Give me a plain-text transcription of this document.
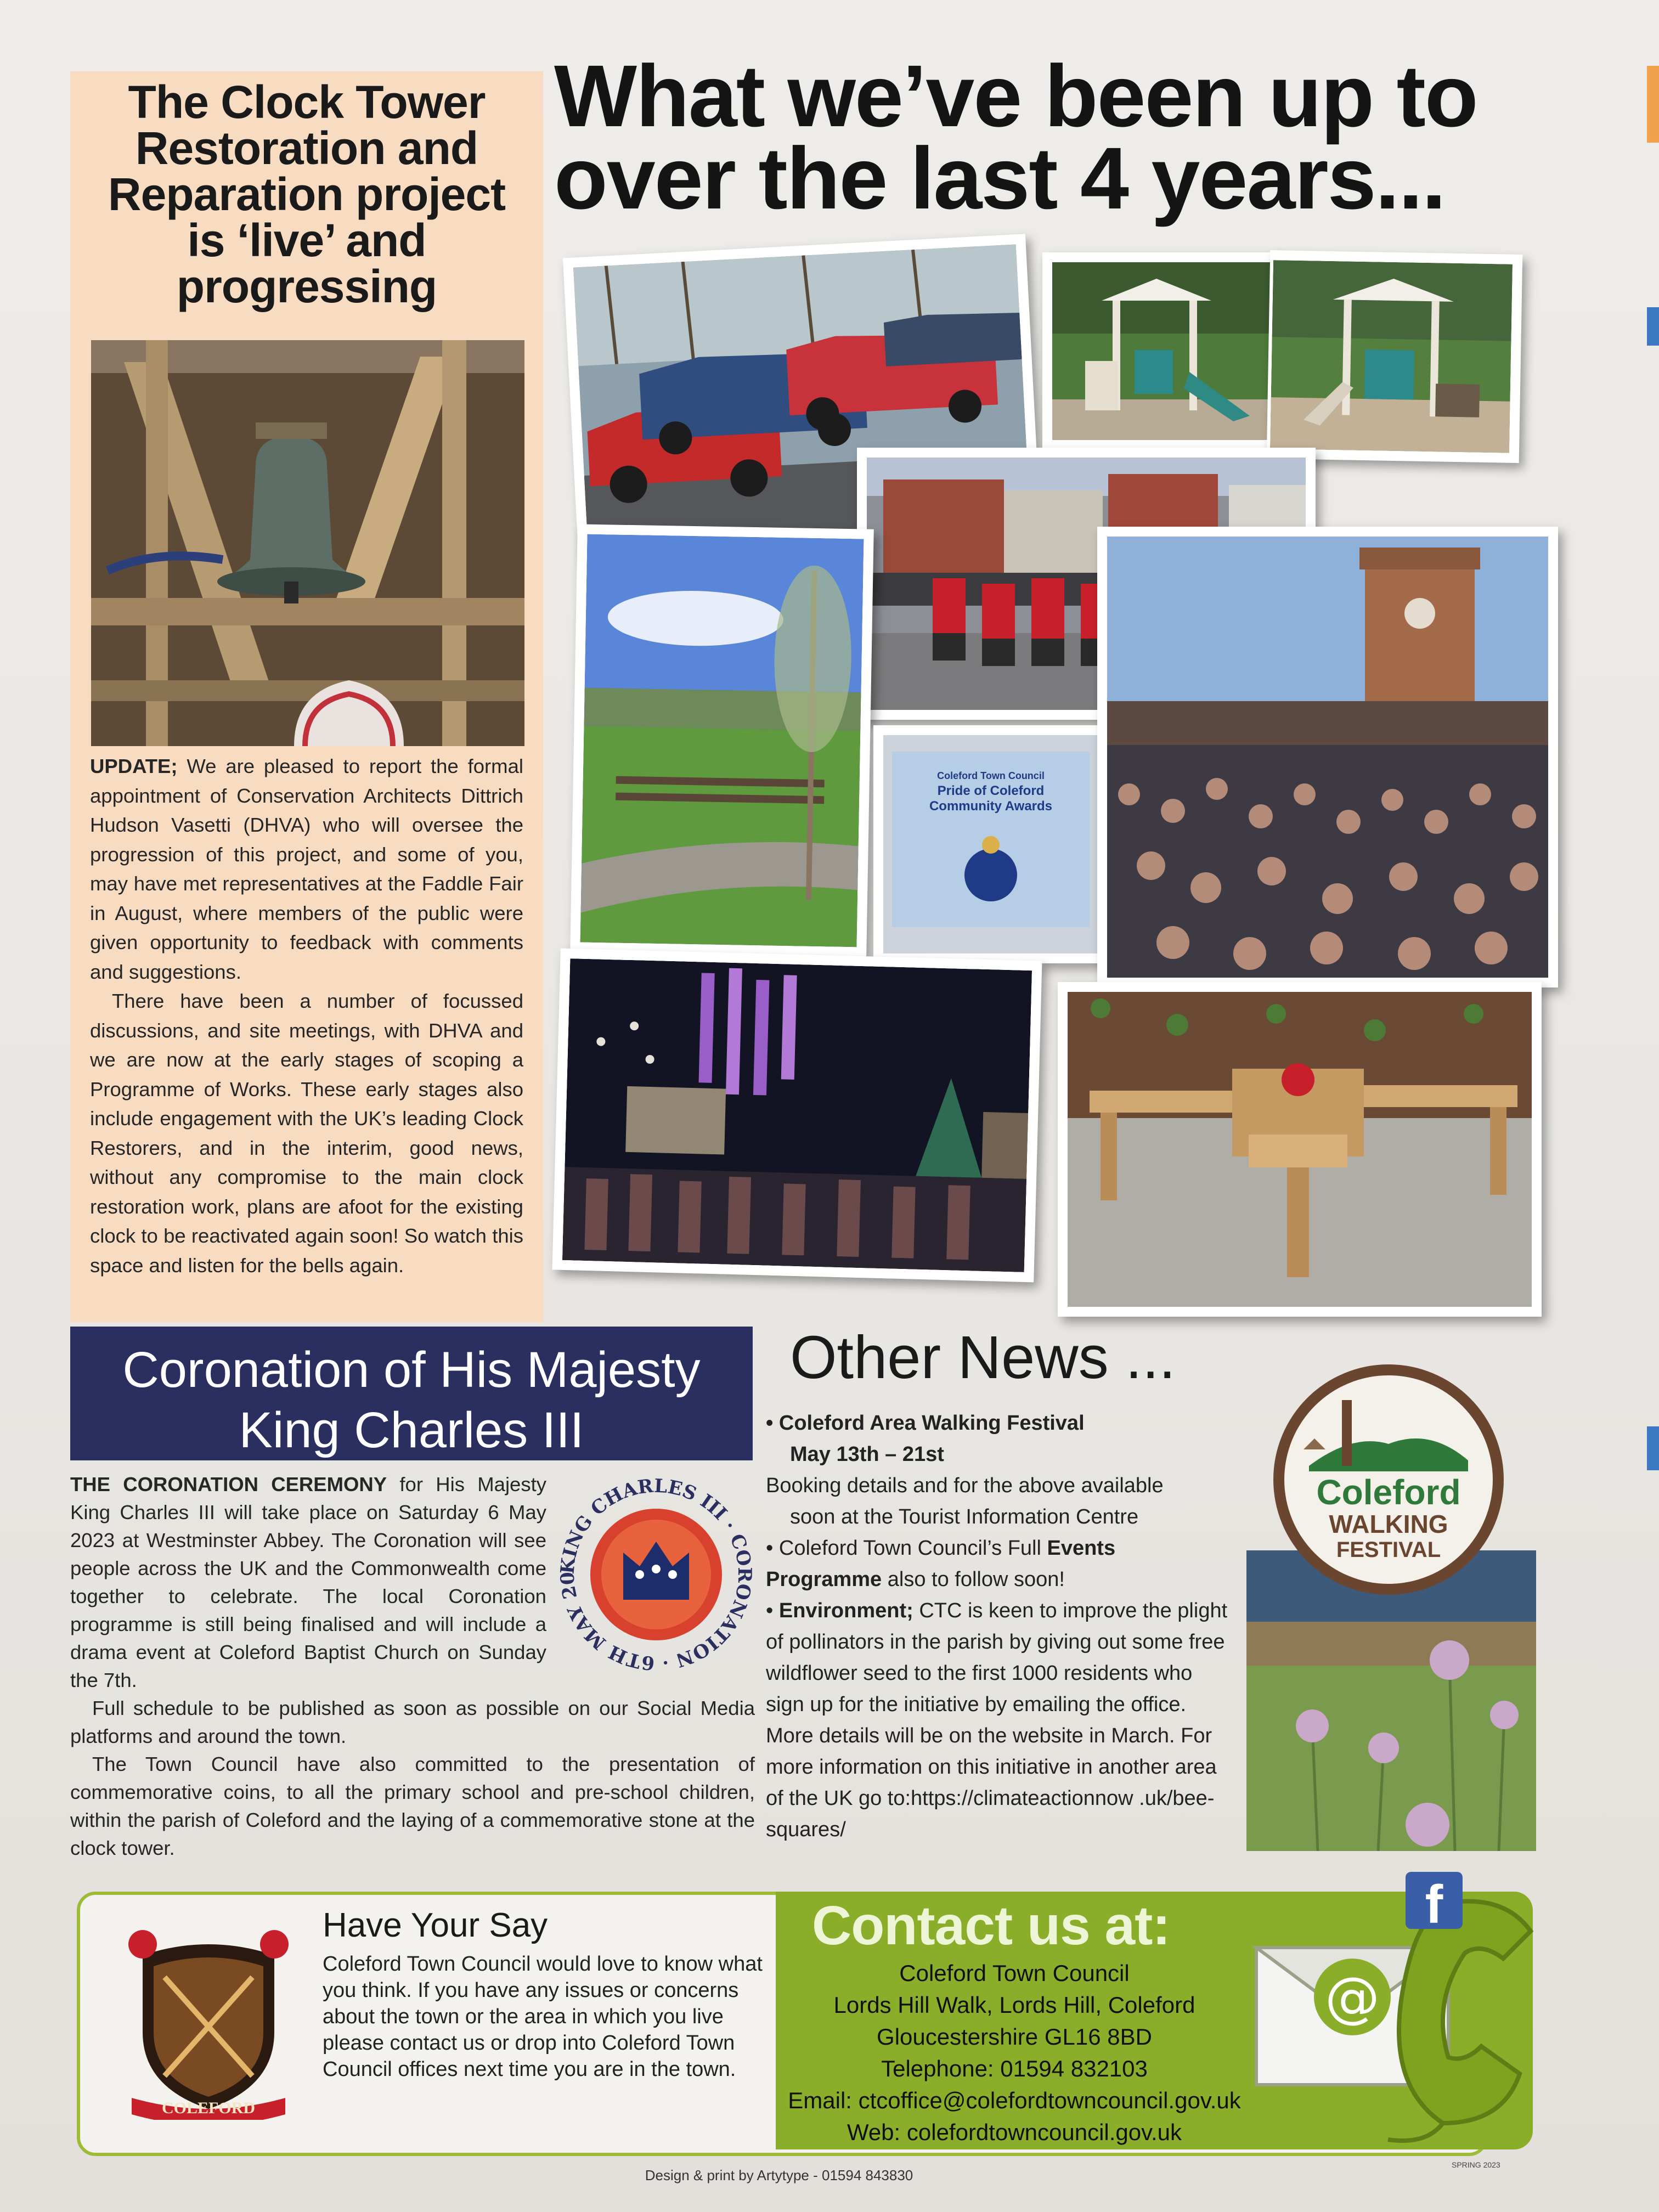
The Clock Tower
Restoration and
Reparation project
is ‘live’ and
progressing

UPDATE; We are pleased to report the formal appointment of Conservation Architects Dittrich Hudson Vasetti (DHVA) who will oversee the progression of this project, and some of you, may have met representatives at the Faddle Fair in August, where members of the public were given opportunity to feedback with comments and suggestions.

There have been a number of focussed discussions, and site meetings, with DHVA and we are now at the early stages of scoping a Programme of Works. These early stages also include engagement with the UK’s leading Clock Restorers, and in the interim, good news, without any compromise to the main clock restoration work, plans are afoot for the existing clock to be reactivated again soon! So watch this space and listen for the bells again.

What we’ve been up to
over the last 4 years...
Coleford Town Council
Pride of Coleford
Community Awards
Coronation of His Majesty
King Charles III
KING CHARLES III · CORONATION · 6TH MAY 20

THE CORONATION CEREMONY for His Majesty King Charles III will take place on Saturday 6 May 2023 at Westminster Abbey. The Coronation will see people across the UK and the Commonwealth come together to celebrate. The local Coronation programme is still being finalised and will include a drama event at Coleford Baptist Church on Sunday the 7th.

Full schedule to be published as soon as possible on our Social Media platforms and around the town.

The Town Council have also committed to the presentation of commemorative coins, to all the primary school and pre-school children, within the parish of Coleford and the laying of a commemorative stone at the clock tower.

Other News ...

• Coleford Area Walking Festival

May 13th – 21st

Booking details and for the above available

soon at the Tourist Information Centre

• Coleford Town Council’s Full Events Programme also to follow soon!

• Environment; CTC is keen to improve the plight of pollinators in the parish by giving out some free wildflower seed to the first 1000 residents who sign up for the initiative by emailing the office. More details will be on the website in March. For more information on this initiative in another area of the UK go to:https://climateactionnow .uk/bee-squares/

Coleford
WALKING
FESTIVAL
COLEFORD
Have Your Say
Coleford Town Council would love to know what you think. If you have any issues or concerns about the town or the area in which you live please contact us or drop into Coleford Town Council offices next time you are in the town.
Contact us at:
Coleford Town Council
Lords Hill Walk, Lords Hill, Coleford
Gloucestershire GL16 8BD
Telephone: 01594 832103
Email: ctcoffice@colefordtowncouncil.gov.uk
Web: colefordtowncouncil.gov.uk
@
f
Design & print by Artytype - 01594 843830
SPRING 2023
